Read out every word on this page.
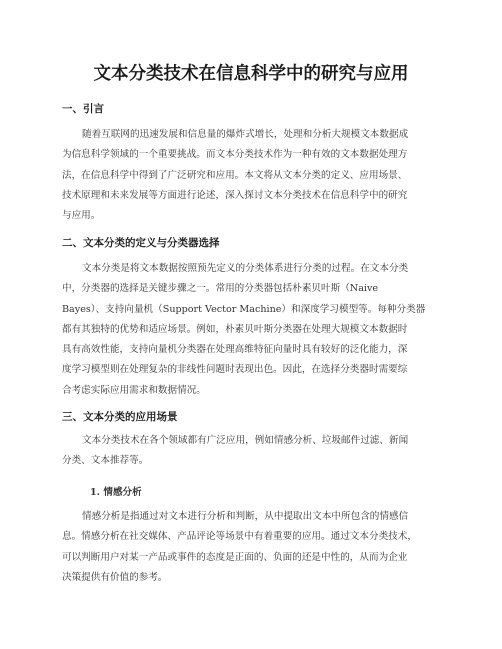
文本分类技术在信息科学中的研究与应用
一、引言

随着互联网的迅速发展和信息量的爆炸式增长，处理和分析大规模文本数据成
为信息科学领域的一个重要挑战。而文本分类技术作为一种有效的文本数据处理方
法，在信息科学中得到了广泛研究和应用。本文将从文本分类的定义、应用场景、
技术原理和未来发展等方面进行论述，深入探讨文本分类技术在信息科学中的研究
与应用。

二、文本分类的定义与分类器选择

文本分类是将文本数据按照预先定义的分类体系进行分类的过程。在文本分类
中，分类器的选择是关键步骤之一。常用的分类器包括朴素贝叶斯（Naive
Bayes）、支持向量机（Support Vector Machine）和深度学习模型等。每种分类器
都有其独特的优势和适应场景。例如，朴素贝叶斯分类器在处理大规模文本数据时
具有高效性能，支持向量机分类器在处理高维特征向量时具有较好的泛化能力，深
度学习模型则在处理复杂的非线性问题时表现出色。因此，在选择分类器时需要综
合考虑实际应用需求和数据情况。

三、文本分类的应用场景

文本分类技术在各个领域都有广泛应用，例如情感分析、垃圾邮件过滤、新闻
分类、文本推荐等。

1. 情感分析

情感分析是指通过对文本进行分析和判断，从中提取出文本中所包含的情感信
息。情感分析在社交媒体、产品评论等场景中有着重要的应用。通过文本分类技术，
可以判断用户对某一产品或事件的态度是正面的、负面的还是中性的，从而为企业
决策提供有价值的参考。
